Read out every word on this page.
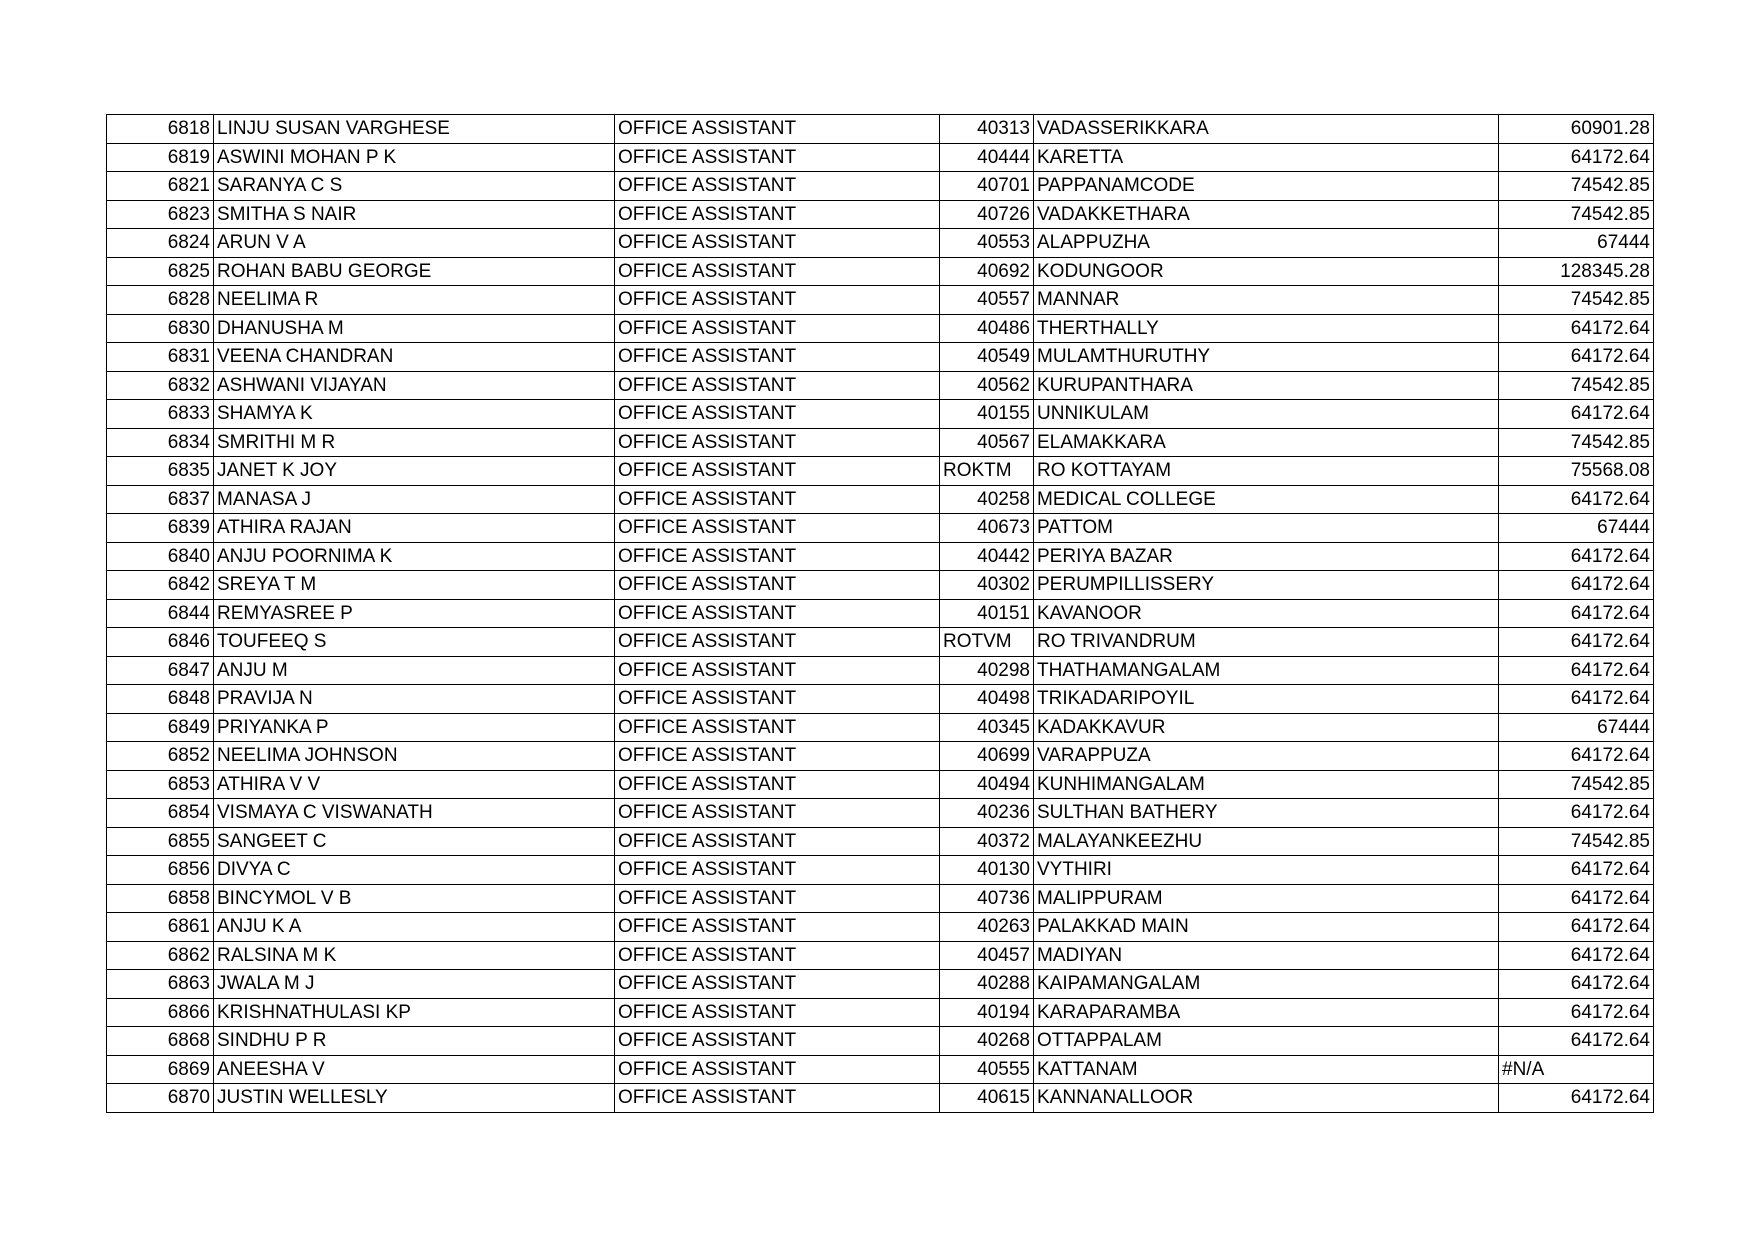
6818	LINJU SUSAN VARGHESE	OFFICE ASSISTANT	40313	VADASSERIKKARA	60901.28
6819	ASWINI MOHAN P K	OFFICE ASSISTANT	40444	KARETTA	64172.64
6821	SARANYA C S	OFFICE ASSISTANT	40701	PAPPANAMCODE	74542.85
6823	SMITHA S NAIR	OFFICE ASSISTANT	40726	VADAKKETHARA	74542.85
6824	ARUN V A	OFFICE ASSISTANT	40553	ALAPPUZHA	67444
6825	ROHAN BABU GEORGE	OFFICE ASSISTANT	40692	KODUNGOOR	128345.28
6828	NEELIMA R	OFFICE ASSISTANT	40557	MANNAR	74542.85
6830	DHANUSHA M	OFFICE ASSISTANT	40486	THERTHALLY	64172.64
6831	VEENA CHANDRAN	OFFICE ASSISTANT	40549	MULAMTHURUTHY	64172.64
6832	ASHWANI VIJAYAN	OFFICE ASSISTANT	40562	KURUPANTHARA	74542.85
6833	SHAMYA K	OFFICE ASSISTANT	40155	UNNIKULAM	64172.64
6834	SMRITHI M R	OFFICE ASSISTANT	40567	ELAMAKKARA	74542.85
6835	JANET K JOY	OFFICE ASSISTANT	ROKTM	RO KOTTAYAM	75568.08
6837	MANASA J	OFFICE ASSISTANT	40258	MEDICAL COLLEGE	64172.64
6839	ATHIRA RAJAN	OFFICE ASSISTANT	40673	PATTOM	67444
6840	ANJU POORNIMA K	OFFICE ASSISTANT	40442	PERIYA BAZAR	64172.64
6842	SREYA T M	OFFICE ASSISTANT	40302	PERUMPILLISSERY	64172.64
6844	REMYASREE P	OFFICE ASSISTANT	40151	KAVANOOR	64172.64
6846	TOUFEEQ S	OFFICE ASSISTANT	ROTVM	RO TRIVANDRUM	64172.64
6847	ANJU M	OFFICE ASSISTANT	40298	THATHAMANGALAM	64172.64
6848	PRAVIJA N	OFFICE ASSISTANT	40498	TRIKADARIPOYIL	64172.64
6849	PRIYANKA P	OFFICE ASSISTANT	40345	KADAKKAVUR	67444
6852	NEELIMA JOHNSON	OFFICE ASSISTANT	40699	VARAPPUZA	64172.64
6853	ATHIRA V V	OFFICE ASSISTANT	40494	KUNHIMANGALAM	74542.85
6854	VISMAYA C VISWANATH	OFFICE ASSISTANT	40236	SULTHAN BATHERY	64172.64
6855	SANGEET C	OFFICE ASSISTANT	40372	MALAYANKEEZHU	74542.85
6856	DIVYA C	OFFICE ASSISTANT	40130	VYTHIRI	64172.64
6858	BINCYMOL V B	OFFICE ASSISTANT	40736	MALIPPURAM	64172.64
6861	ANJU K A	OFFICE ASSISTANT	40263	PALAKKAD MAIN	64172.64
6862	RALSINA M K	OFFICE ASSISTANT	40457	MADIYAN	64172.64
6863	JWALA M J	OFFICE ASSISTANT	40288	KAIPAMANGALAM	64172.64
6866	KRISHNATHULASI KP	OFFICE ASSISTANT	40194	KARAPARAMBA	64172.64
6868	SINDHU P R	OFFICE ASSISTANT	40268	OTTAPPALAM	64172.64
6869	ANEESHA V	OFFICE ASSISTANT	40555	KATTANAM	#N/A
6870	JUSTIN WELLESLY	OFFICE ASSISTANT	40615	KANNANALLOOR	64172.64
